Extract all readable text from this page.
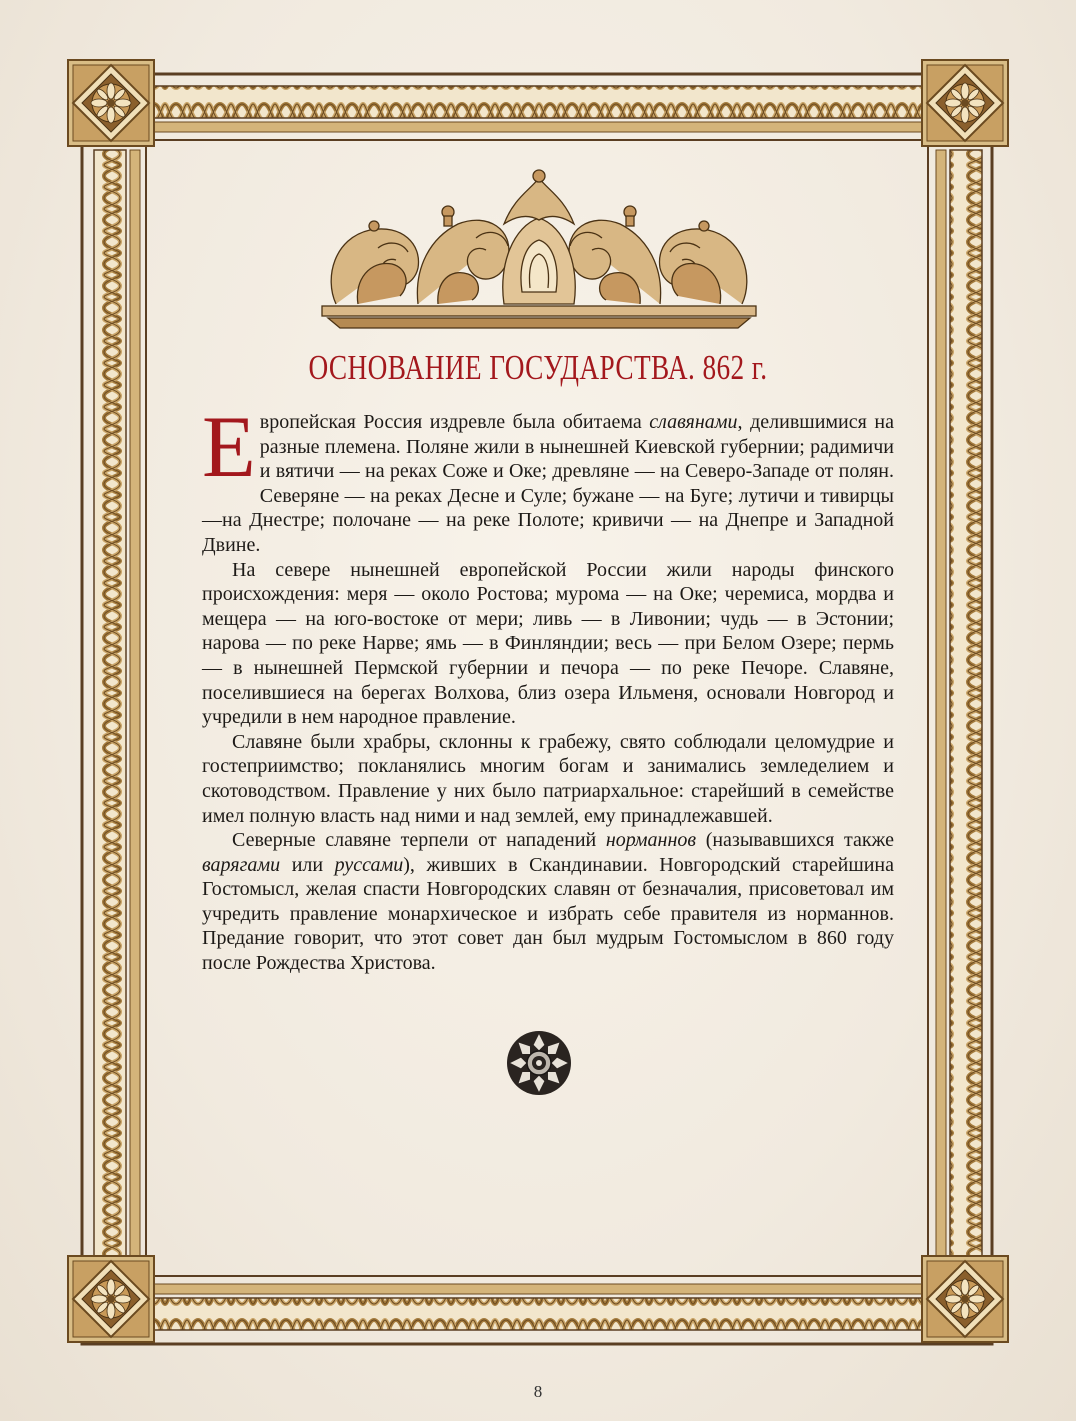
ОСНОВАНИЕ ГОСУДАРСТВА. 862 г.

Европейская Россия издревле была обитаема славянами, делившимися на разные племена. Поляне жили в нынешней Киевской губернии; радимичи и вятичи — на реках Соже и Оке; древляне — на Северо-Западе от полян. Северяне — на реках Десне и Суле; бужане — на Буге; лутичи и тивирцы —на Днестре; полочане — на реке Полоте; кривичи — на Днепре и Западной Двине.

На севере нынешней европейской России жили народы финского происхождения: меря — около Ростова; мурома — на Оке; черемиса, мордва и мещера — на юго-востоке от мери; ливь — в Ливонии; чудь — в Эстонии; нарова — по реке Нарве; ямь — в Финляндии; весь — при Белом Озере; пермь — в нынешней Пермской губернии и печора — по реке Печоре. Славяне, поселившиеся на берегах Волхова, близ озера Ильменя, основали Новгород и учредили в нем народное правление.

Славяне были храбры, склонны к грабежу, свято соблюдали целомудрие и гостеприимство; покланялись многим богам и занимались земледелием и скотоводством. Правление у них было патриархальное: старейший в семействе имел полную власть над ними и над землей, ему принадлежавшей.

Северные славяне терпели от нападений норманнов (называвшихся также варягами или руссами), живших в Скандинавии. Новгородский старейшина Гостомысл, желая спасти Новгородских славян от безначалия, присоветовал им учредить правление монархическое и избрать себе правителя из норманнов. Предание говорит, что этот совет дан был мудрым Гостомыслом в 860 году после Рождества Христова.

8
